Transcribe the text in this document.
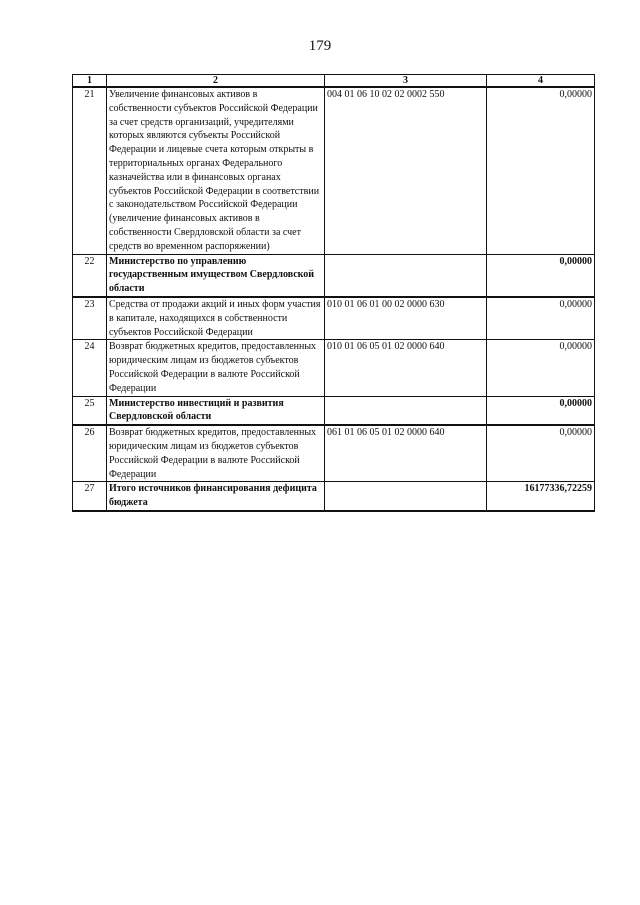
179
1	2	3	4
21	Увеличение финансовых активов в собственности субъектов Российской Федерации за счет средств организаций, учредителями которых являются субъекты Российской Федерации и лицевые счета которым открыты в территориальных органах Федерального казначейства или в финансовых органах субъектов Российской Федерации в соответствии с законодательством Российской Федерации (увеличение финансовых активов в собственности Свердловской области за счет средств во временном распоряжении)	004 01 06 10 02 02 0002 550	0,00000
22	Министерство по управлению государственным имуществом Свердловской области		0,00000
23	Средства от продажи акций и иных форм участия в капитале, находящихся в собственности субъектов Российской Федерации	010 01 06 01 00 02 0000 630	0,00000
24	Возврат бюджетных кредитов, предоставленных юридическим лицам из бюджетов субъектов Российской Федерации в валюте Российской Федерации	010 01 06 05 01 02 0000 640	0,00000
25	Министерство инвестиций и развития Свердловской области		0,00000
26	Возврат бюджетных кредитов, предоставленных юридическим лицам из бюджетов субъектов Российской Федерации в валюте Российской Федерации	061 01 06 05 01 02 0000 640	0,00000
27	Итого источников финансирования дефицита бюджета		16177336,72259
